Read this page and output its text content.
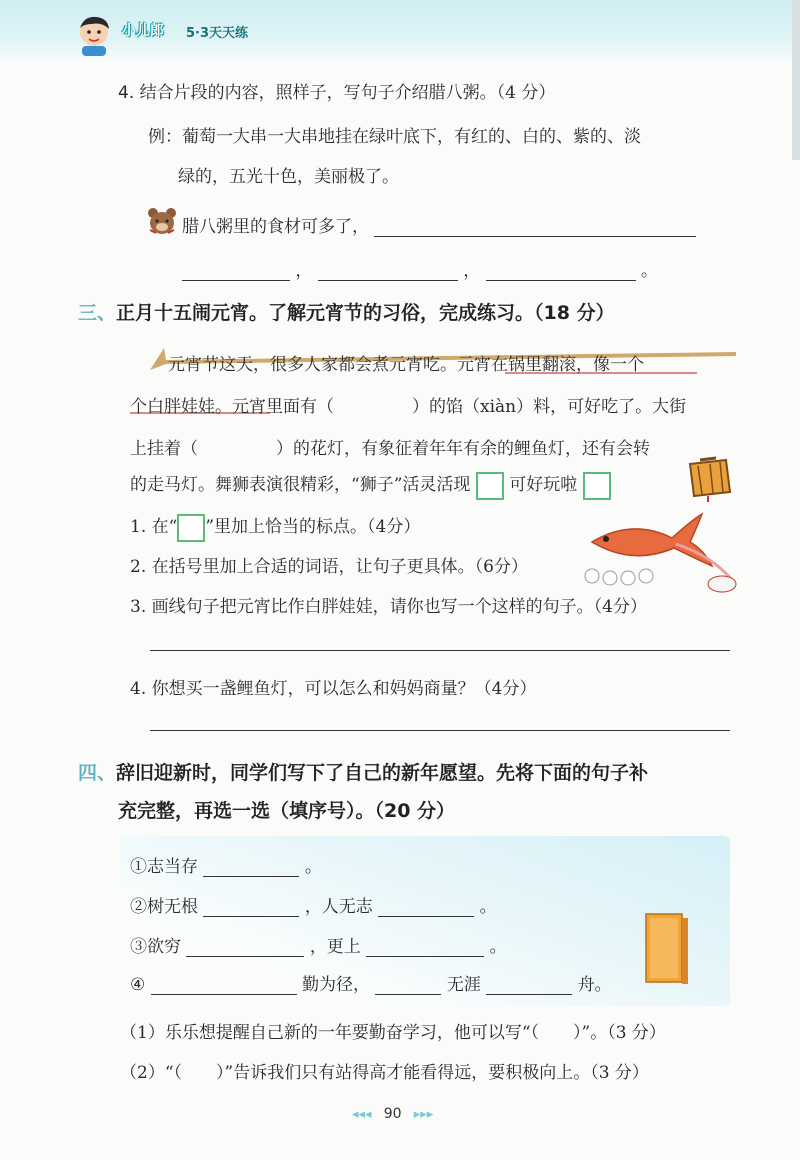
小儿郎 5·3天天练
4. 结合片段的内容，照样子，写句子介绍腊八粥。（4 分）
例：葡萄一大串一大串地挂在绿叶底下，有红的、白的、紫的、淡
绿的，五光十色，美丽极了。
腊八粥里的食材可多了，
，	，	。
三、正月十五闹元宵。了解元宵节的习俗，完成练习。（18 分）
元宵节这天，很多人家都会煮元宵吃。元宵在锅里翻滚，像一个
个白胖娃娃。元宵里面有（	）的馅（xiàn）料，可好吃了。大街
上挂着（	）的花灯，有象征着年年有余的鲤鱼灯，还有会转
的走马灯。舞狮表演很精彩，“狮子”活灵活现 可好玩啦
1. 在“ ”里加上恰当的标点。（4分）
2. 在括号里加上合适的词语，让句子更具体。（6分）
3. 画线句子把元宵比作白胖娃娃，请你也写一个这样的句子。（4分）
4. 你想买一盏鲤鱼灯，可以怎么和妈妈商量？（4分）
四、辞旧迎新时，同学们写下了自己的新年愿望。先将下面的句子补
充完整，再选一选（填序号）。（20 分）
①志当存	。
②树无根	，人无志	。
③欲穷	，更上	。
④	勤为径，	无涯	舟。
（1）乐乐想提醒自己新的一年要勤奋学习，他可以写“（　　）”。（3 分）
（2）“（　　）”告诉我们只有站得高才能看得远，要积极向上。（3 分）
◂◂◂ 90 ▸▸▸
